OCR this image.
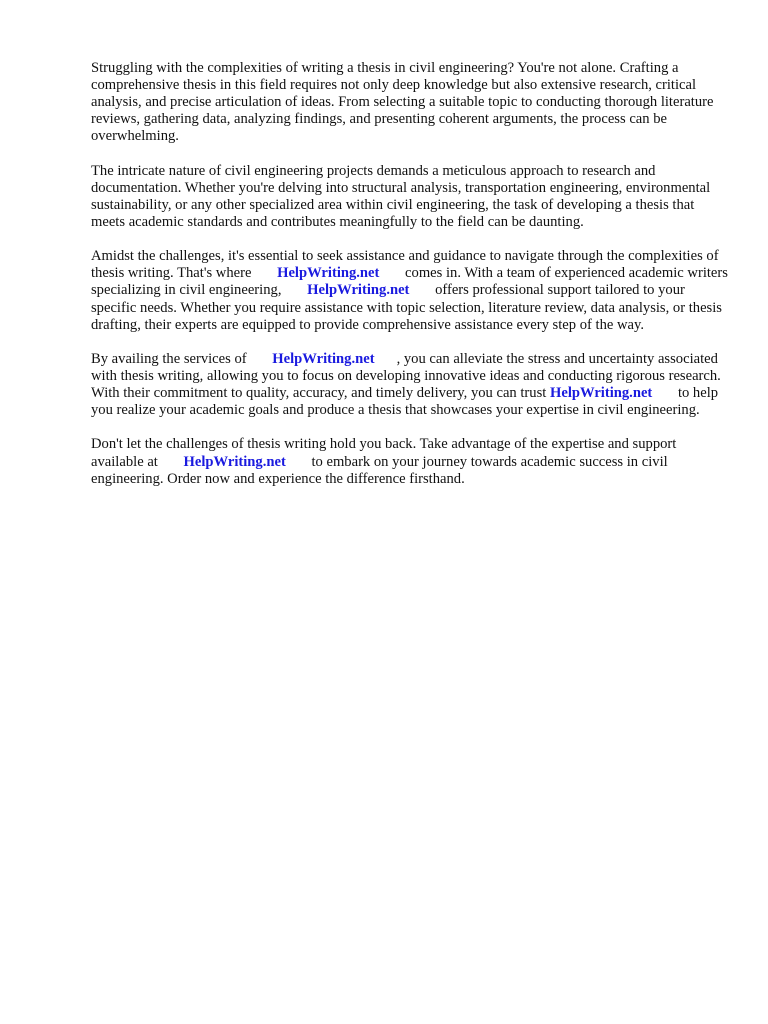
Struggling with the complexities of writing a thesis in civil engineering? You're not alone. Crafting a comprehensive thesis in this field requires not only deep knowledge but also extensive research, critical analysis, and precise articulation of ideas. From selecting a suitable topic to conducting thorough literature reviews, gathering data, analyzing findings, and presenting coherent arguments, the process can be overwhelming.

The intricate nature of civil engineering projects demands a meticulous approach to research and documentation. Whether you're delving into structural analysis, transportation engineering, environmental sustainability, or any other specialized area within civil engineering, the task of developing a thesis that meets academic standards and contributes meaningfully to the field can be daunting.

Amidst the challenges, it's essential to seek assistance and guidance to navigate through the complexities of thesis writing. That's where HelpWriting.net comes in. With a team of experienced academic writers specializing in civil engineering, HelpWriting.net offers professional support tailored to your specific needs. Whether you require assistance with topic selection, literature review, data analysis, or thesis drafting, their experts are equipped to provide comprehensive assistance every step of the way.

By availing the services of HelpWriting.net , you can alleviate the stress and uncertainty associated with thesis writing, allowing you to focus on developing innovative ideas and conducting rigorous research. With their commitment to quality, accuracy, and timely delivery, you can trust HelpWriting.net to help you realize your academic goals and produce a thesis that showcases your expertise in civil engineering.

Don't let the challenges of thesis writing hold you back. Take advantage of the expertise and support available at HelpWriting.net to embark on your journey towards academic success in civil engineering. Order now and experience the difference firsthand.
